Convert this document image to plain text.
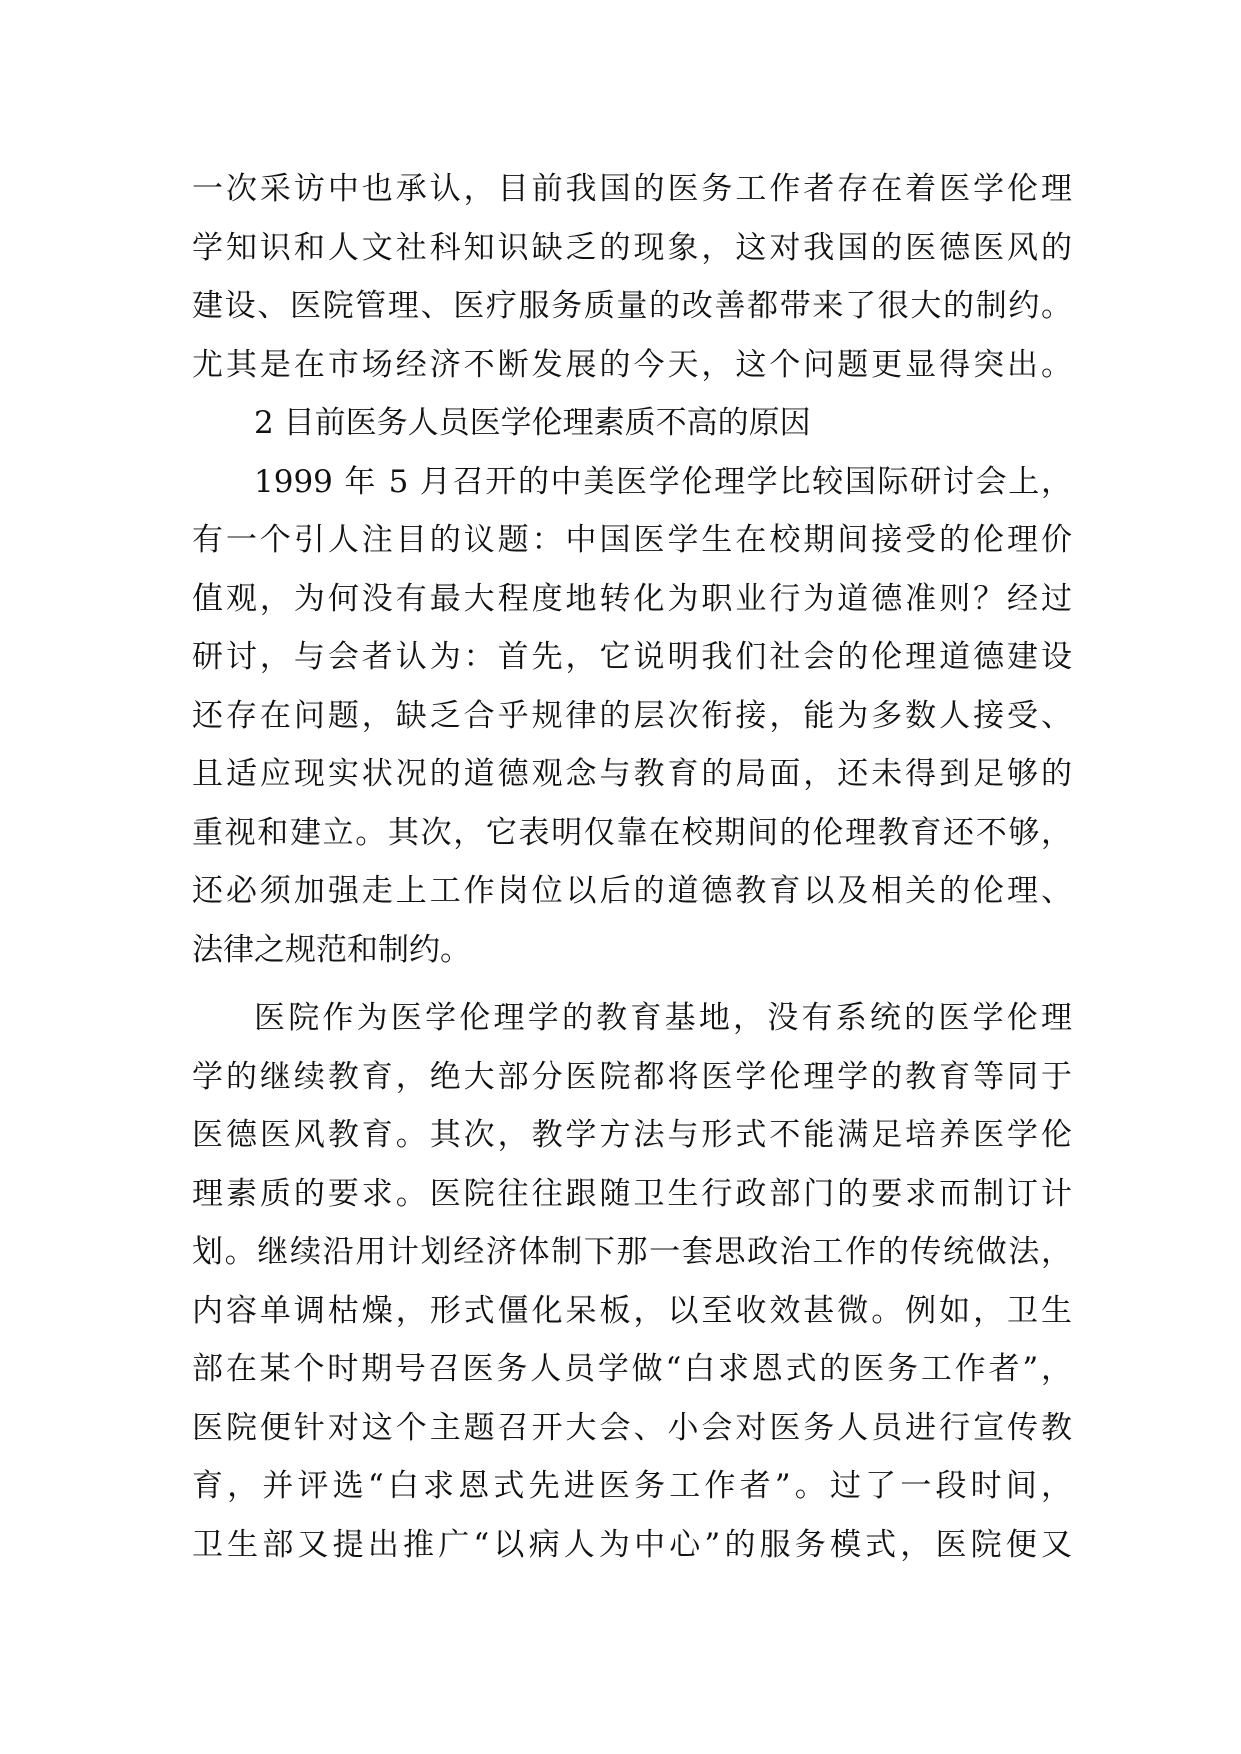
一次采访中也承认，目前我国的医务工作者存在着医学伦理
学知识和人文社科知识缺乏的现象，这对我国的医德医风的
建设、医院管理、医疗服务质量的改善都带来了很大的制约。
尤其是在市场经济不断发展的今天，这个问题更显得突出。
2 目前医务人员医学伦理素质不高的原因
1999 年 5 月召开的中美医学伦理学比较国际研讨会上，
有一个引人注目的议题：中国医学生在校期间接受的伦理价
值观，为何没有最大程度地转化为职业行为道德准则？经过
研讨，与会者认为：首先，它说明我们社会的伦理道德建设
还存在问题，缺乏合乎规律的层次衔接，能为多数人接受、
且适应现实状况的道德观念与教育的局面，还未得到足够的
重视和建立。其次，它表明仅靠在校期间的伦理教育还不够，
还必须加强走上工作岗位以后的道德教育以及相关的伦理、
法律之规范和制约。
医院作为医学伦理学的教育基地，没有系统的医学伦理
学的继续教育，绝大部分医院都将医学伦理学的教育等同于
医德医风教育。其次，教学方法与形式不能满足培养医学伦
理素质的要求。医院往往跟随卫生行政部门的要求而制订计
划。继续沿用计划经济体制下那一套思政治工作的传统做法，
内容单调枯燥，形式僵化呆板，以至收效甚微。例如，卫生
部在某个时期号召医务人员学做“白求恩式的医务工作者”，
医院便针对这个主题召开大会、小会对医务人员进行宣传教
育，并评选“白求恩式先进医务工作者”。过了一段时间，
卫生部又提出推广“以病人为中心”的服务模式，医院便又
